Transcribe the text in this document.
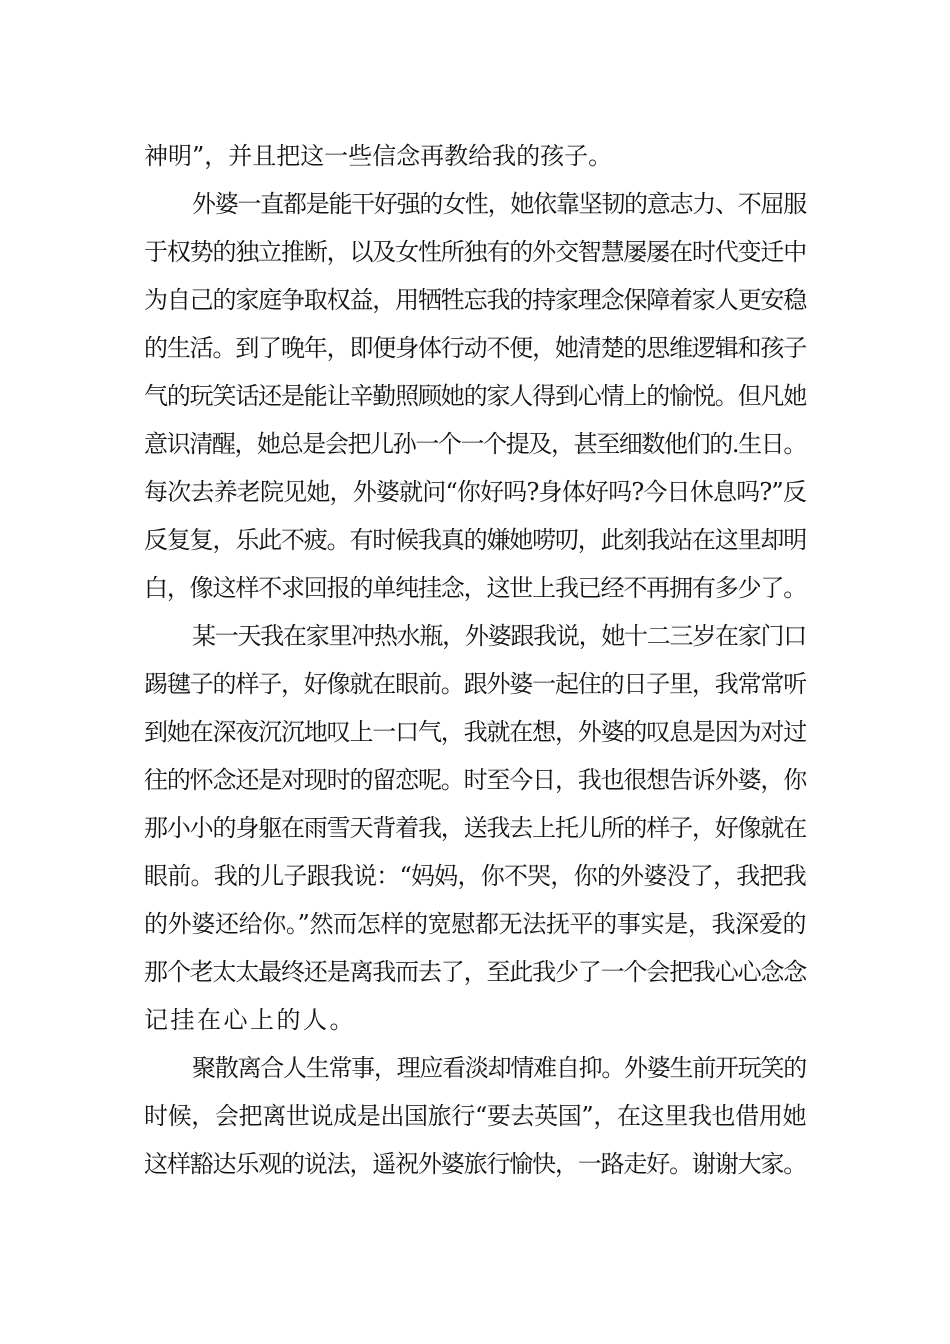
神明”，并且把这一些信念再教给我的孩子。
外婆一直都是能干好强的女性，她依靠坚韧的意志力、不屈服
于权势的独立推断，以及女性所独有的外交智慧屡屡在时代变迁中
为自己的家庭争取权益，用牺牲忘我的持家理念保障着家人更安稳
的生活。到了晚年，即便身体行动不便，她清楚的思维逻辑和孩子
气的玩笑话还是能让辛勤照顾她的家人得到心情上的愉悦。但凡她
意识清醒，她总是会把儿孙一个一个提及，甚至细数他们的.生日。
每次去养老院见她，外婆就问“你好吗?身体好吗?今日休息吗?”反
反复复，乐此不疲。有时候我真的嫌她唠叨，此刻我站在这里却明
白，像这样不求回报的单纯挂念，这世上我已经不再拥有多少了。
某一天我在家里冲热水瓶，外婆跟我说，她十二三岁在家门口
踢毽子的样子，好像就在眼前。跟外婆一起住的日子里，我常常听
到她在深夜沉沉地叹上一口气，我就在想，外婆的叹息是因为对过
往的怀念还是对现时的留恋呢。时至今日，我也很想告诉外婆，你
那小小的身躯在雨雪天背着我，送我去上托儿所的样子，好像就在
眼前。我的儿子跟我说：“妈妈，你不哭，你的外婆没了，我把我
的外婆还给你。”然而怎样的宽慰都无法抚平的事实是，我深爱的
那个老太太最终还是离我而去了，至此我少了一个会把我心心念念
记挂在心上的人。
聚散离合人生常事，理应看淡却情难自抑。外婆生前开玩笑的
时候，会把离世说成是出国旅行“要去英国”，在这里我也借用她
这样豁达乐观的说法，遥祝外婆旅行愉快，一路走好。谢谢大家。
